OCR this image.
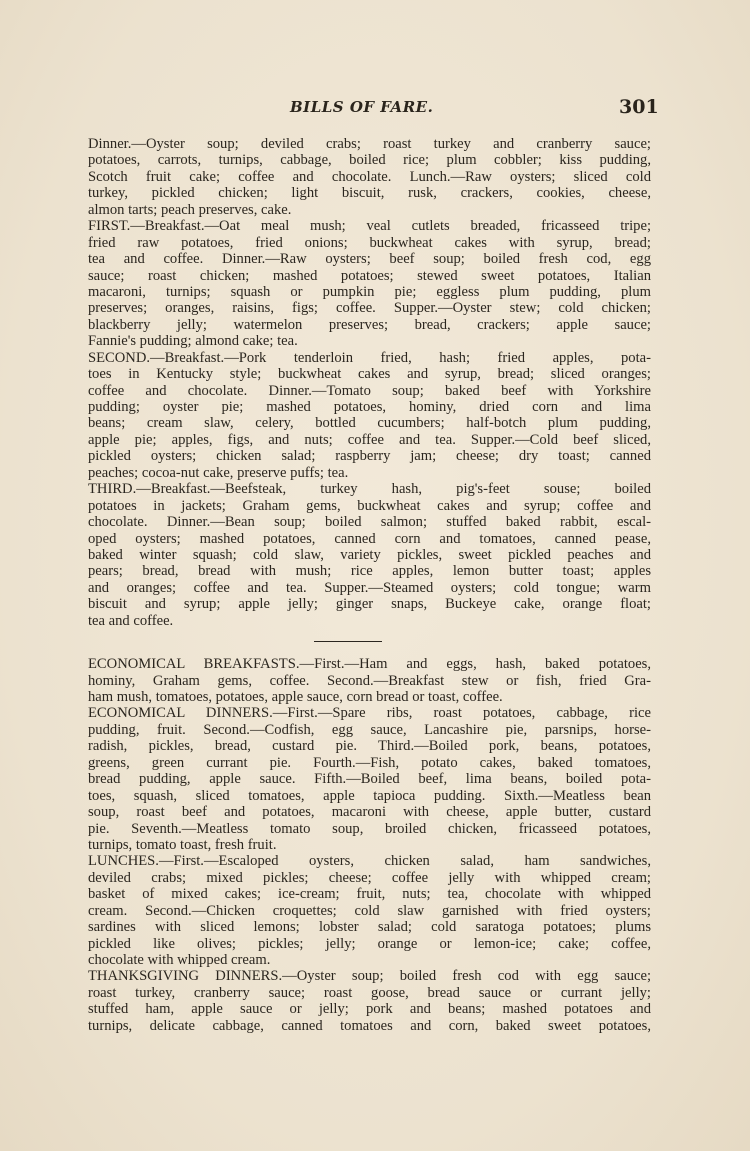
BILLS OF FARE.	301
Dinner.—Oyster soup; deviled crabs; roast turkey and cranberry sauce;
potatoes, carrots, turnips, cabbage, boiled rice; plum cobbler; kiss pudding,
Scotch fruit cake; coffee and chocolate. Lunch.—Raw oysters; sliced cold
turkey, pickled chicken; light biscuit, rusk, crackers, cookies, cheese,
almon tarts; peach preserves, cake.
FIRST.—Breakfast.—Oat meal mush; veal cutlets breaded, fricasseed tripe;
fried raw potatoes, fried onions; buckwheat cakes with syrup, bread;
tea and coffee. Dinner.—Raw oysters; beef soup; boiled fresh cod, egg
sauce; roast chicken; mashed potatoes; stewed sweet potatoes, Italian
macaroni, turnips; squash or pumpkin pie; eggless plum pudding, plum
preserves; oranges, raisins, figs; coffee. Supper.—Oyster stew; cold chicken;
blackberry jelly; watermelon preserves; bread, crackers; apple sauce;
Fannie's pudding; almond cake; tea.
SECOND.—Breakfast.—Pork tenderloin fried, hash; fried apples, pota-
toes in Kentucky style; buckwheat cakes and syrup, bread; sliced oranges;
coffee and chocolate. Dinner.—Tomato soup; baked beef with Yorkshire
pudding; oyster pie; mashed potatoes, hominy, dried corn and lima
beans; cream slaw, celery, bottled cucumbers; half-botch plum pudding,
apple pie; apples, figs, and nuts; coffee and tea. Supper.—Cold beef sliced,
pickled oysters; chicken salad; raspberry jam; cheese; dry toast; canned
peaches; cocoa-nut cake, preserve puffs; tea.
THIRD.—Breakfast.—Beefsteak, turkey hash, pig's-feet souse; boiled
potatoes in jackets; Graham gems, buckwheat cakes and syrup; coffee and
chocolate. Dinner.—Bean soup; boiled salmon; stuffed baked rabbit, escal-
oped oysters; mashed potatoes, canned corn and tomatoes, canned pease,
baked winter squash; cold slaw, variety pickles, sweet pickled peaches and
pears; bread, bread with mush; rice apples, lemon butter toast; apples
and oranges; coffee and tea. Supper.—Steamed oysters; cold tongue; warm
biscuit and syrup; apple jelly; ginger snaps, Buckeye cake, orange float;
tea and coffee.
ECONOMICAL BREAKFASTS.—First.—Ham and eggs, hash, baked potatoes,
hominy, Graham gems, coffee. Second.—Breakfast stew or fish, fried Gra-
ham mush, tomatoes, potatoes, apple sauce, corn bread or toast, coffee.
ECONOMICAL DINNERS.—First.—Spare ribs, roast potatoes, cabbage, rice
pudding, fruit. Second.—Codfish, egg sauce, Lancashire pie, parsnips, horse-
radish, pickles, bread, custard pie. Third.—Boiled pork, beans, potatoes,
greens, green currant pie. Fourth.—Fish, potato cakes, baked tomatoes,
bread pudding, apple sauce. Fifth.—Boiled beef, lima beans, boiled pota-
toes, squash, sliced tomatoes, apple tapioca pudding. Sixth.—Meatless bean
soup, roast beef and potatoes, macaroni with cheese, apple butter, custard
pie. Seventh.—Meatless tomato soup, broiled chicken, fricasseed potatoes,
turnips, tomato toast, fresh fruit.
LUNCHES.—First.—Escaloped oysters, chicken salad, ham sandwiches,
deviled crabs; mixed pickles; cheese; coffee jelly with whipped cream;
basket of mixed cakes; ice-cream; fruit, nuts; tea, chocolate with whipped
cream. Second.—Chicken croquettes; cold slaw garnished with fried oysters;
sardines with sliced lemons; lobster salad; cold saratoga potatoes; plums
pickled like olives; pickles; jelly; orange or lemon-ice; cake; coffee,
chocolate with whipped cream.
THANKSGIVING DINNERS.—Oyster soup; boiled fresh cod with egg sauce;
roast turkey, cranberry sauce; roast goose, bread sauce or currant jelly;
stuffed ham, apple sauce or jelly; pork and beans; mashed potatoes and
turnips, delicate cabbage, canned tomatoes and corn, baked sweet potatoes,
